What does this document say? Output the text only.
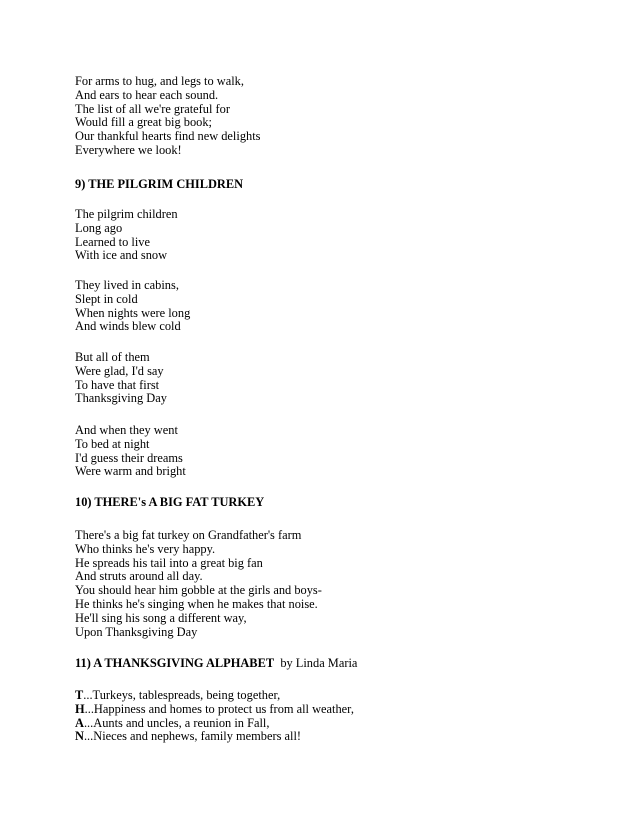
For arms to hug, and legs to walk,

And ears to hear each sound.

The list of all we're grateful for

Would fill a great big book;

Our thankful hearts find new delights

Everywhere we look!

9) THE PILGRIM CHILDREN

The pilgrim children

Long ago

Learned to live

With ice and snow

They lived in cabins,

Slept in cold

When nights were long

And winds blew cold

But all of them

Were glad, I'd say

To have that first

Thanksgiving Day

And when they went

To bed at night

I'd guess their dreams

Were warm and bright

10) THERE's A BIG FAT TURKEY

There's a big fat turkey on Grandfather's farm

Who thinks he's very happy.

He spreads his tail into a great big fan

And struts around all day.

You should hear him gobble at the girls and boys-

He thinks he's singing when he makes that noise.

He'll sing his song a different way,

Upon Thanksgiving Day

11) A THANKSGIVING ALPHABET by Linda Maria

T...Turkeys, tablespreads, being together,

H...Happiness and homes to protect us from all weather,

A...Aunts and uncles, a reunion in Fall,

N...Nieces and nephews, family members all!
